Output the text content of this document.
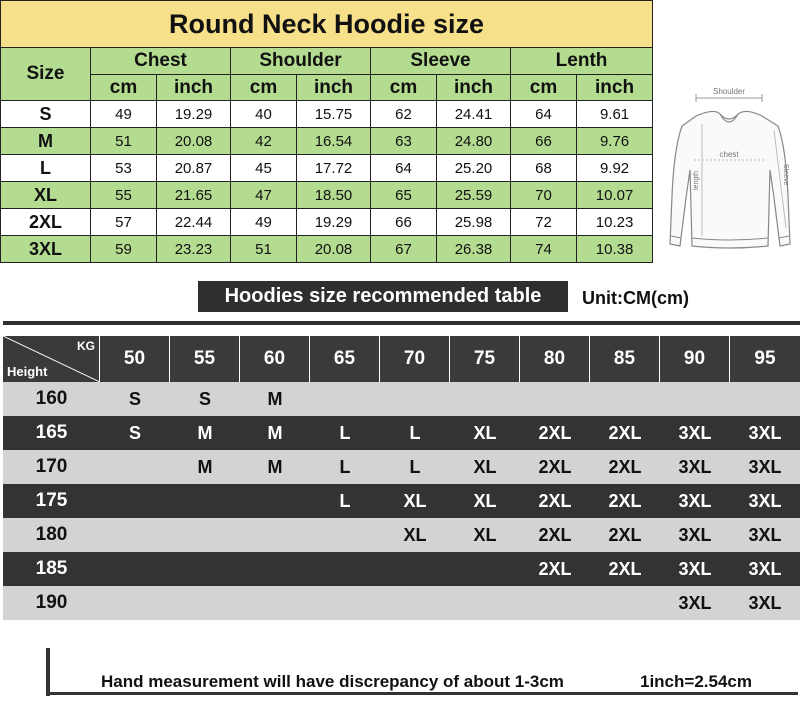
Round Neck Hoodie size								
Size	Chest		Shoulder		Sleeve		Lenth	
	cm	inch	cm	inch	cm	inch	cm	inch
S	49	19.29	40	15.75	62	24.41	64	9.61
M	51	20.08	42	16.54	63	24.80	66	9.76
L	53	20.87	45	17.72	64	25.20	68	9.92
XL	55	21.65	47	18.50	65	25.59	70	10.07
2XL	57	22.44	49	19.29	66	25.98	72	10.23
3XL	59	23.23	51	20.08	67	26.38	74	10.38
Shoulder
chest
length	Sleeve
Hoodies size recommended table	Unit:CM(cm)
KG
Height	50	55	60	65	70	75	80	85	90	95
160	S	S	M							
165	S	M	M	L	L	XL	2XL	2XL	3XL	3XL
170		M	M	L	L	XL	2XL	2XL	3XL	3XL
175				L	XL	XL	2XL	2XL	3XL	3XL
180					XL	XL	2XL	2XL	3XL	3XL
185							2XL	2XL	3XL	3XL
190									3XL	3XL
Hand measurement will have discrepancy of about 1-3cm	1inch=2.54cm
